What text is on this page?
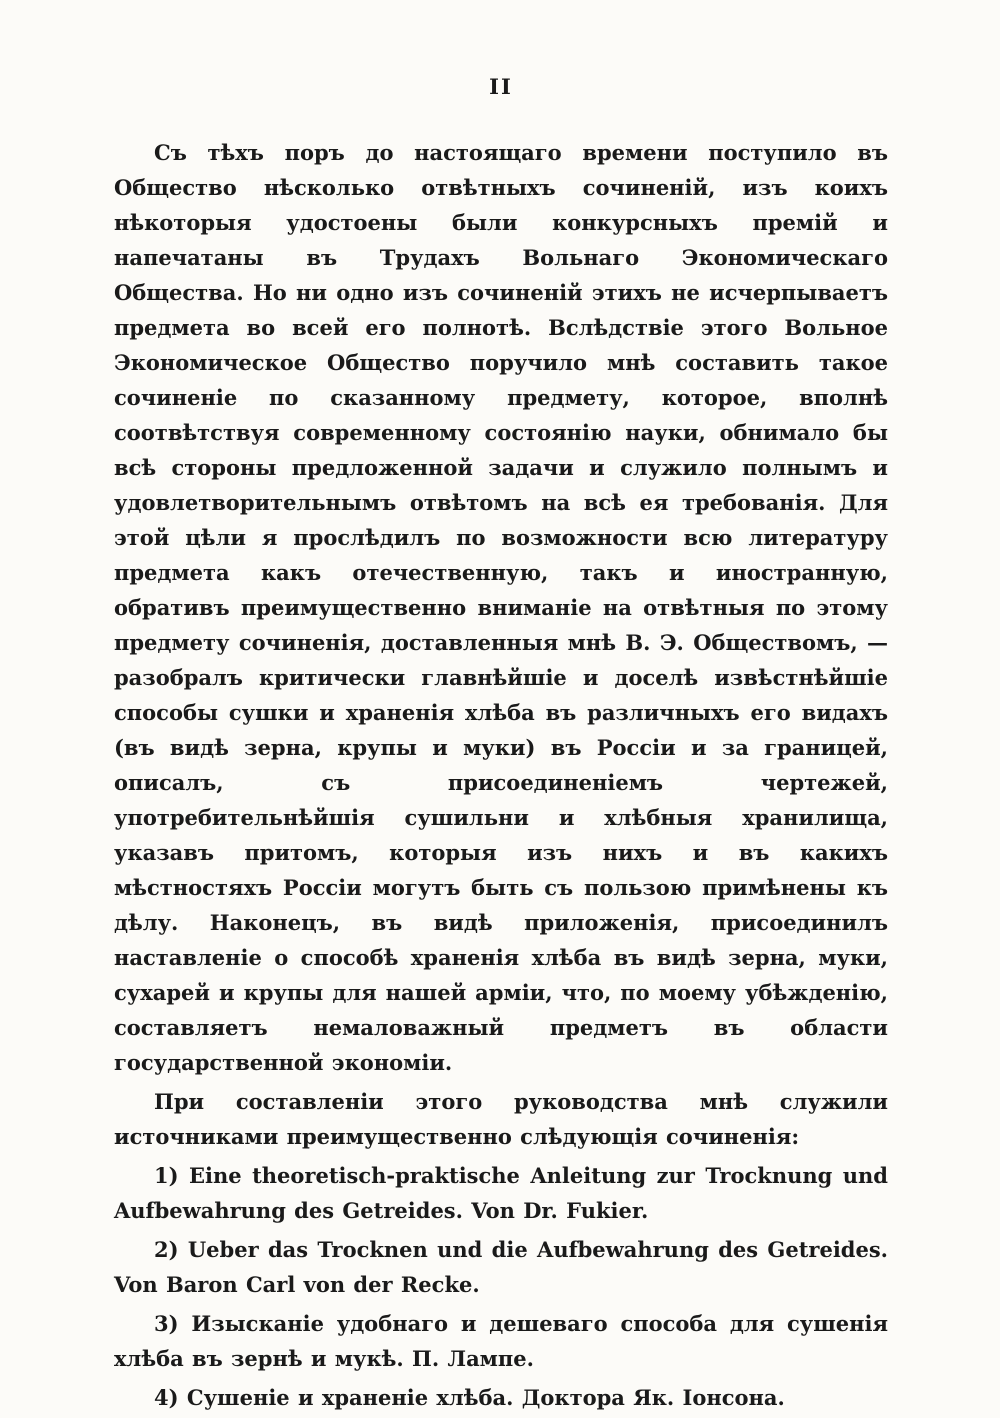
II

Съ тѣхъ поръ до настоящаго времени поступило въ Общество нѣсколько отвѣтныхъ сочиненій, изъ коихъ нѣкоторыя удостоены были конкурсныхъ премій и напечатаны въ Трудахъ Вольнаго Экономическаго Общества. Но ни одно изъ сочиненій этихъ не исчерпываетъ предмета во всей его полнотѣ. Вслѣдствіе этого Вольное Экономическое Общество поручило мнѣ составить такое сочиненіе по сказанному предмету, которое, вполнѣ соотвѣтствуя современному состоянію науки, обнимало бы всѣ стороны предложенной задачи и служило полнымъ и удовлетворительнымъ отвѣтомъ на всѣ ея требованія. Для этой цѣли я прослѣдилъ по возможности всю литературу предмета какъ отечественную, такъ и иностранную, обративъ преимущественно вниманіе на отвѣтныя по этому предмету сочиненія, доставленныя мнѣ В. Э. Обществомъ, — разобралъ критически главнѣйшіе и доселѣ извѣстнѣйшіе способы сушки и храненія хлѣба въ различныхъ его видахъ (въ видѣ зерна, крупы и муки) въ Россіи и за границей, описалъ, съ присоединеніемъ чертежей, употребительнѣйшія сушильни и хлѣбныя хранилища, указавъ притомъ, которыя изъ нихъ и въ какихъ мѣстностяхъ Россіи могутъ быть съ пользою примѣнены къ дѣлу. Наконецъ, въ видѣ приложенія, присоединилъ наставленіе о способѣ храненія хлѣба въ видѣ зерна, муки, сухарей и крупы для нашей арміи, что, по моему убѣжденію, составляетъ немаловажный предметъ въ области государственной экономіи.

При составленіи этого руководства мнѣ служили источниками преимущественно слѣдующія сочиненія:

1) Eine theoretisch-praktische Anleitung zur Trocknung und Aufbewahrung des Getreides. Von Dr. Fukier.

2) Ueber das Trocknen und die Aufbewahrung des Getreides. Von Baron Carl von der Recke.

3) Изысканіе удобнаго и дешеваго способа для сушенія хлѣба въ зернѣ и мукѣ. П. Лампе.

4) Сушеніе и храненіе хлѣба. Доктора Як. Іонсона.
